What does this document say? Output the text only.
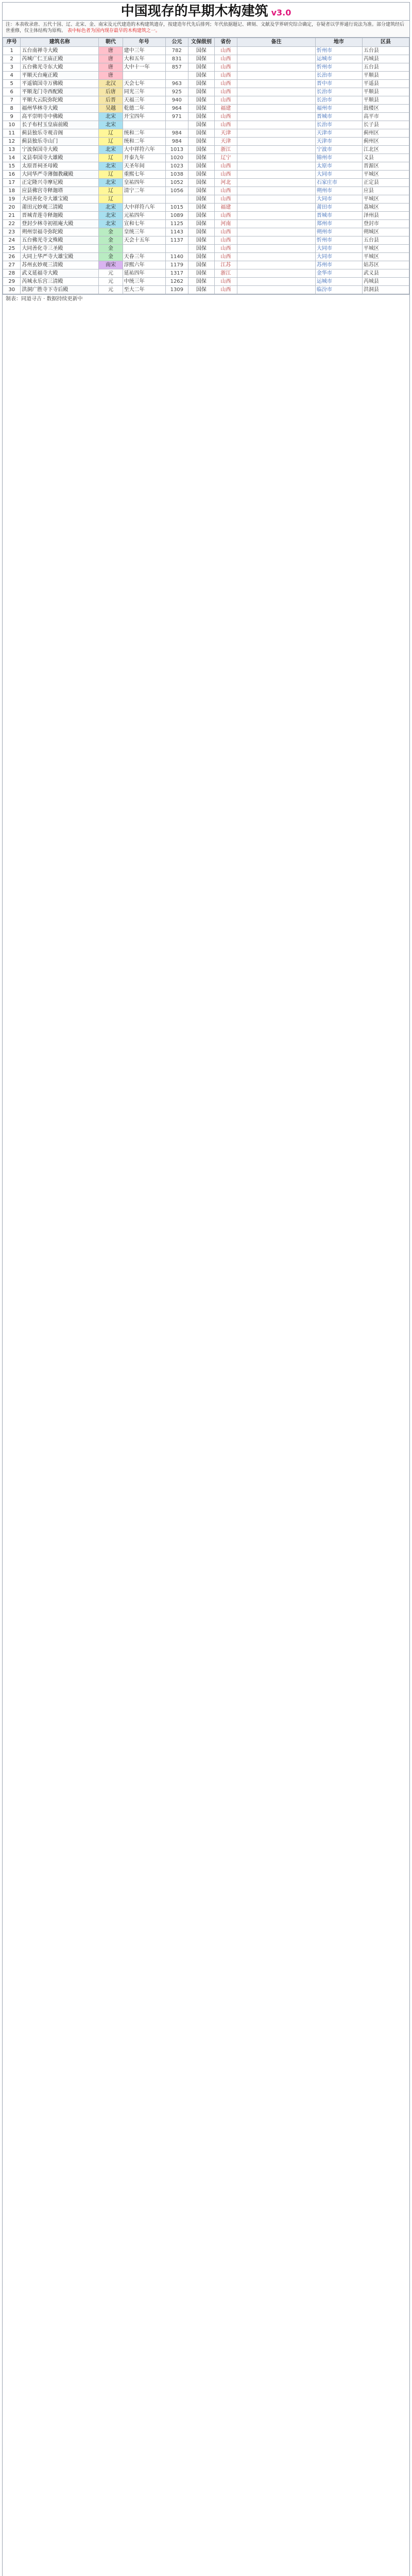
中国现存的早期木构建筑 v3.0
注：本表收录唐、五代十国、辽、北宋、金、南宋及元代建造的木构建筑遗存，按建造年代先后排列；年代依据题记、碑刻、文献及学界研究综合确定，存疑者以学界通行说法为准。部分建筑经后世重修，仅主体结构为原构。 表中标色者为国内现存最早的木构建筑之一。
序号	建筑名称	朝代	年号	公元	文保级别	省份	备注	地市	区县
1	五台南禅寺大殿	唐	建中三年	782	国保	山西		忻州市	五台县
2	芮城广仁王庙正殿	唐	大和五年	831	国保	山西		运城市	芮城县
3	五台佛光寺东大殿	唐	大中十一年	857	国保	山西		忻州市	五台县
4	平顺天台庵正殿	唐			国保	山西		长治市	平顺县
5	平遥镇国寺万佛殿	北汉	天会七年	963	国保	山西		晋中市	平遥县
6	平顺龙门寺西配殿	后唐	同光三年	925	国保	山西		长治市	平顺县
7	平顺大云院弥陀殿	后晋	天福三年	940	国保	山西		长治市	平顺县
8	福州华林寺大殿	吴越	乾德二年	964	国保	福建		福州市	鼓楼区
9	高平崇明寺中佛殿	北宋	开宝四年	971	国保	山西		晋城市	高平市
10	长子布村玉皇庙前殿	北宋			国保	山西		长治市	长子县
11	蓟县独乐寺观音阁	辽	统和二年	984	国保	天津		天津市	蓟州区
12	蓟县独乐寺山门	辽	统和二年	984	国保	天津		天津市	蓟州区
13	宁波保国寺大殿	北宋	大中祥符六年	1013	国保	浙江		宁波市	江北区
14	义县奉国寺大雄殿	辽	开泰九年	1020	国保	辽宁		锦州市	义县
15	太原晋祠圣母殿	北宋	天圣年间	1023	国保	山西		太原市	晋源区
16	大同华严寺薄伽教藏殿	辽	重熙七年	1038	国保	山西		大同市	平城区
17	正定隆兴寺摩尼殿	北宋	皇祐四年	1052	国保	河北		石家庄市	正定县
18	应县佛宫寺释迦塔	辽	清宁二年	1056	国保	山西		朔州市	应县
19	大同善化寺大雄宝殿	辽			国保	山西		大同市	平城区
20	莆田元妙观三清殿	北宋	大中祥符八年	1015	国保	福建		莆田市	荔城区
21	晋城青莲寺释迦殿	北宋	元祐四年	1089	国保	山西		晋城市	泽州县
22	登封少林寺初祖庵大殿	北宋	宣和七年	1125	国保	河南		郑州市	登封市
23	朔州崇福寺弥陀殿	金	皇统三年	1143	国保	山西		朔州市	朔城区
24	五台佛光寺文殊殿	金	天会十五年	1137	国保	山西		忻州市	五台县
25	大同善化寺三圣殿	金			国保	山西		大同市	平城区
26	大同上华严寺大雄宝殿	金	天眷三年	1140	国保	山西		大同市	平城区
27	苏州玄妙观三清殿	南宋	淳熙六年	1179	国保	江苏		苏州市	姑苏区
28	武义延福寺大殿	元	延祐四年	1317	国保	浙江		金华市	武义县
29	芮城永乐宫三清殿	元	中统三年	1262	国保	山西		运城市	芮城县
30	洪洞广胜寺下寺后殿	元	至大二年	1309	国保	山西		临汾市	洪洞县
制表：同道寻古 · 数据持续更新中
